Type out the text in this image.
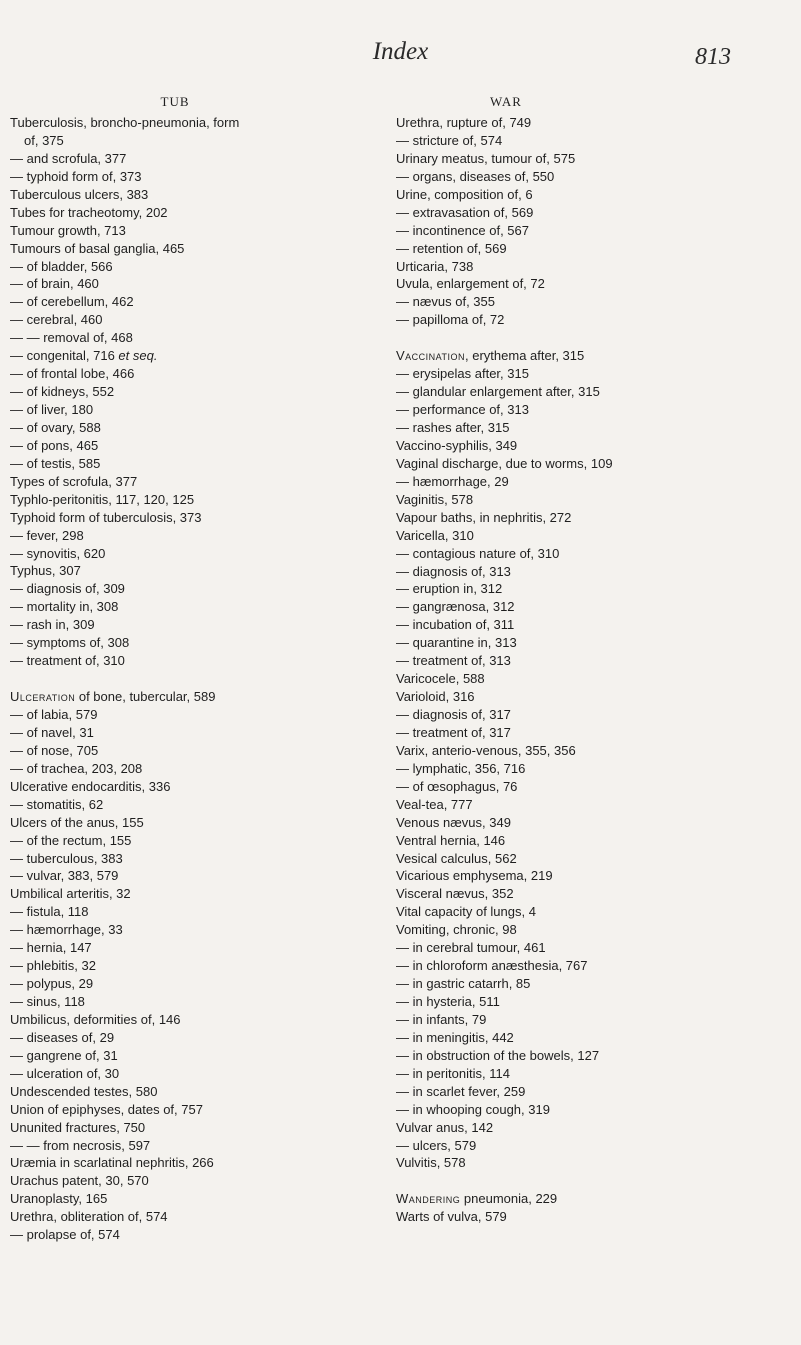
Index	813
TUB
Tuberculosis, broncho-pneumonia, form
of, 375
— and scrofula, 377
— typhoid form of, 373
Tuberculous ulcers, 383
Tubes for tracheotomy, 202
Tumour growth, 713
Tumours of basal ganglia, 465
— of bladder, 566
— of brain, 460
— of cerebellum, 462
— cerebral, 460
— — removal of, 468
— congenital, 716 et seq.
— of frontal lobe, 466
— of kidneys, 552
— of liver, 180
— of ovary, 588
— of pons, 465
— of testis, 585
Types of scrofula, 377
Typhlo-peritonitis, 117, 120, 125
Typhoid form of tuberculosis, 373
— fever, 298
— synovitis, 620
Typhus, 307
— diagnosis of, 309
— mortality in, 308
— rash in, 309
— symptoms of, 308
— treatment of, 310
Ulceration of bone, tubercular, 589
— of labia, 579
— of navel, 31
— of nose, 705
— of trachea, 203, 208
Ulcerative endocarditis, 336
— stomatitis, 62
Ulcers of the anus, 155
— of the rectum, 155
— tuberculous, 383
— vulvar, 383, 579
Umbilical arteritis, 32
— fistula, 118
— hæmorrhage, 33
— hernia, 147
— phlebitis, 32
— polypus, 29
— sinus, 118
Umbilicus, deformities of, 146
— diseases of, 29
— gangrene of, 31
— ulceration of, 30
Undescended testes, 580
Union of epiphyses, dates of, 757
Ununited fractures, 750
— — from necrosis, 597
Uræmia in scarlatinal nephritis, 266
Urachus patent, 30, 570
Uranoplasty, 165
Urethra, obliteration of, 574
— prolapse of, 574
WAR
Urethra, rupture of, 749
— stricture of, 574
Urinary meatus, tumour of, 575
— organs, diseases of, 550
Urine, composition of, 6
— extravasation of, 569
— incontinence of, 567
— retention of, 569
Urticaria, 738
Uvula, enlargement of, 72
— nævus of, 355
— papilloma of, 72
Vaccination, erythema after, 315
— erysipelas after, 315
— glandular enlargement after, 315
— performance of, 313
— rashes after, 315
Vaccino-syphilis, 349
Vaginal discharge, due to worms, 109
— hæmorrhage, 29
Vaginitis, 578
Vapour baths, in nephritis, 272
Varicella, 310
— contagious nature of, 310
— diagnosis of, 313
— eruption in, 312
— gangrænosa, 312
— incubation of, 311
— quarantine in, 313
— treatment of, 313
Varicocele, 588
Varioloid, 316
— diagnosis of, 317
— treatment of, 317
Varix, anterio-venous, 355, 356
— lymphatic, 356, 716
— of œsophagus, 76
Veal-tea, 777
Venous nævus, 349
Ventral hernia, 146
Vesical calculus, 562
Vicarious emphysema, 219
Visceral nævus, 352
Vital capacity of lungs, 4
Vomiting, chronic, 98
— in cerebral tumour, 461
— in chloroform anæsthesia, 767
— in gastric catarrh, 85
— in hysteria, 511
— in infants, 79
— in meningitis, 442
— in obstruction of the bowels, 127
— in peritonitis, 114
— in scarlet fever, 259
— in whooping cough, 319
Vulvar anus, 142
— ulcers, 579
Vulvitis, 578
Wandering pneumonia, 229
Warts of vulva, 579
